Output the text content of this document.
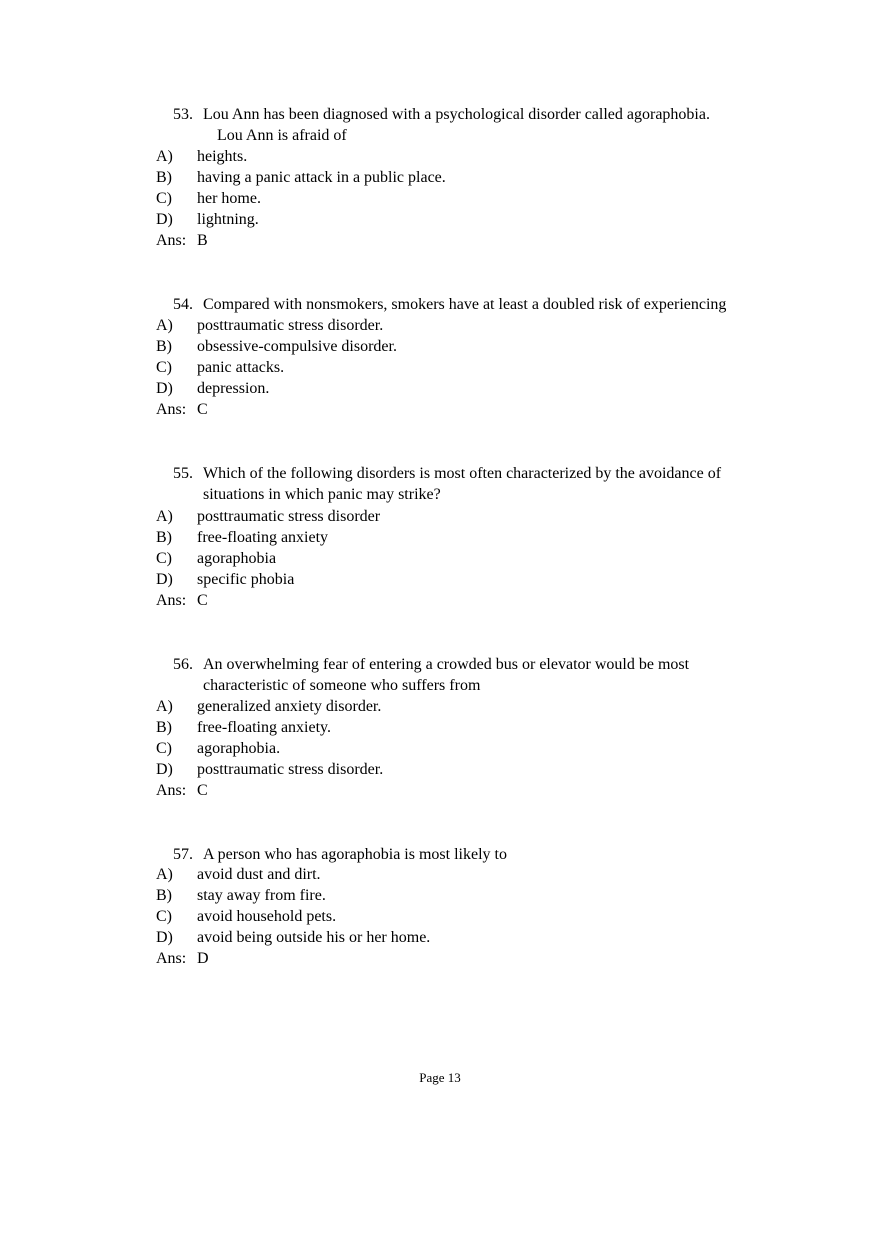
53. Lou Ann has been diagnosed with a psychological disorder called agoraphobia.
Lou Ann is afraid of
A) heights.
B) having a panic attack in a public place.
C) her home.
D) lightning.
Ans: B
54. Compared with nonsmokers, smokers have at least a doubled risk of experiencing
A) posttraumatic stress disorder.
B) obsessive-compulsive disorder.
C) panic attacks.
D) depression.
Ans: C
55. Which of the following disorders is most often characterized by the avoidance of
situations in which panic may strike?
A) posttraumatic stress disorder
B) free-floating anxiety
C) agoraphobia
D) specific phobia
Ans: C
56. An overwhelming fear of entering a crowded bus or elevator would be most
characteristic of someone who suffers from
A) generalized anxiety disorder.
B) free-floating anxiety.
C) agoraphobia.
D) posttraumatic stress disorder.
Ans: C
57. A person who has agoraphobia is most likely to
A) avoid dust and dirt.
B) stay away from fire.
C) avoid household pets.
D) avoid being outside his or her home.
Ans: D
Page 13
